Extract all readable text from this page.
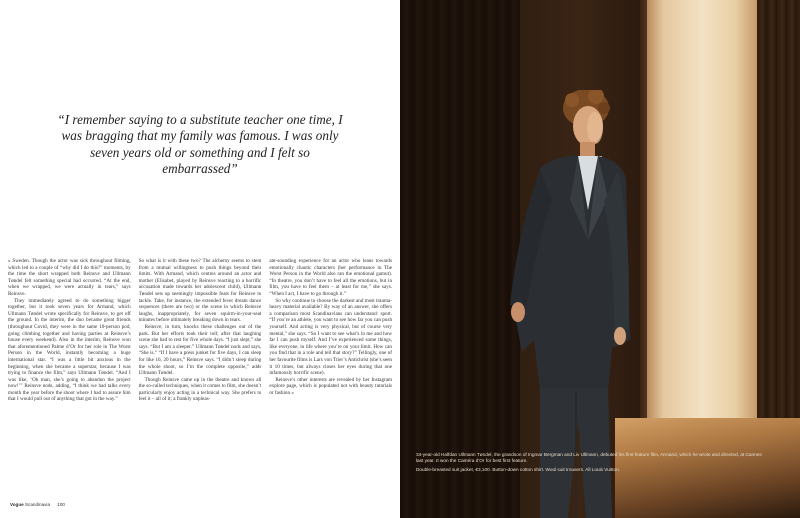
“I remember saying to a substitute teacher one time, I was bragging that my family was famous. I was only seven years old or something and I felt so embarrassed”

» Sweden. Though the actor was sick throughout filming, which led to a couple of “why did I do this?” moments, by the time the short wrapped both Reinsve and Ullmann Tøndel felt something special had occurred. “At the end, when we wrapped, we were actually in tears,” says Reinsve.

They immediately agreed to do something bigger together, but it took seven years for Armand, which Ullmann Tøndel wrote specifically for Reinsve, to get off the ground. In the interim, the duo became great friends (throughout Covid, they were in the same 10-person pod, going climbing together and having parties at Reinsve’s house every weekend). Also in the interim, Reinsve won that aforementioned Palme d’Or for her role in The Worst Person in the World, instantly becoming a huge international star. “I was a little bit anxious in the beginning, when she became a superstar, because I was trying to finance the film,” says Ullmann Tøndel. “And I was like, ‘Oh man, she’s going to abandon the project now!’” Reinsve nods, adding, “I think we had talks every month the year before the shoot where I had to assure him that I would pull out of anything that got in the way.”

So what is it with these two? The alchemy seems to stem from a mutual willingness to push things beyond their limits. With Armand, which centres around an actor and mother (Elisabet, played by Reinsve reacting to a horrific accusation made towards her adolescent child), Ullmann Tøndel sets up seemingly impossible feats for Reinsve to tackle. Take, for instance, the extended fever dream dance sequences (there are two) or the scene in which Reinsve laughs, inappropriately, for seven squirm-in-your-seat minutes before ultimately breaking down in tears.

Reinsve, in turn, knocks these challenges out of the park. But her efforts took their toll; after that laughing scene she had to rest for five whole days. “I just slept,” she says. “But I am a sleeper.” Ullmann Tøndel nods and says, “She is.” “If I have a press junket for five days, I can sleep for like 16, 20 hours,” Reinsve says. “I didn’t sleep during the whole shoot, so I’m the complete opposite,” adds Ullmann Tøndel.

Though Reinsve came up in the theatre and knows all the so-called techniques, when it comes to film, she doesn’t particularly enjoy acting in a technical way. She prefers to feel it – all of it; a frankly unpleas-

ant-sounding experience for an actor who leans towards emotionally chaotic characters (her performance in The Worst Person in the World also ran the emotional gamut). “In theatre, you don’t have to feel all the emotions, but in film, you have to feel them – at least for me,” she says. “When I act, I have to go through it.”

So why continue to choose the darkest and most trauma-heavy material available? By way of an answer, she offers a comparison most Scandinavians can understand: sport. “If you’re an athlete, you want to see how far you can push yourself. And acting is very physical, but of course very mental,” she says. “So I want to see what’s in me and how far I can push myself. And I’ve experienced some things, like everyone, in life where you’re on your limit. How can you find that in a role and tell that story?” Tellingly, one of her favourite films is Lars von Trier’s Antichrist (she’s seen it 10 times, but always closes her eyes during that one infamously horrific scene).

Reinsve’s other interests are revealed by her Instagram explore page, which is populated not with beauty tutorials or fashion »

Vogue Scandinavia 100

34-year-old Halfdan Ullmann Tøndel, the grandson of Ingmar Bergman and Liv Ullmann, debuted his first feature film, Armand, which he wrote and directed, at Cannes last year. It won the Caméra d’Or for best first feature.

Double-breasted suit jacket, €3,100. Button-down cotton shirt. Wool suit trousers. All Louis Vuitton.
